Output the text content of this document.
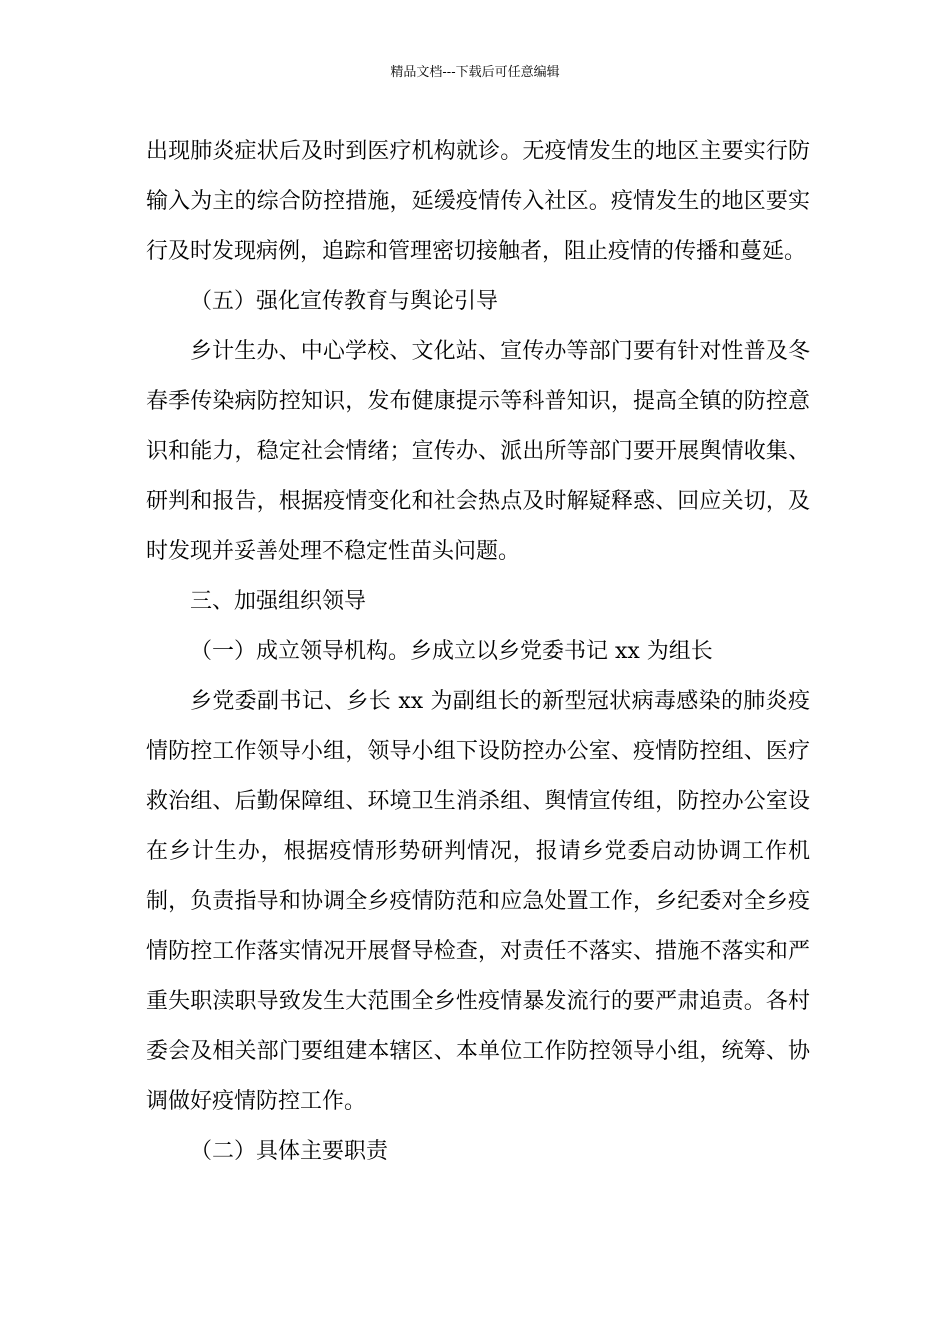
精品文档---下载后可任意编辑

出现肺炎症状后及时到医疗机构就诊。无疫情发生的地区主要实行防输入为主的综合防控措施，延缓疫情传入社区。疫情发生的地区要实行及时发现病例，追踪和管理密切接触者，阻止疫情的传播和蔓延。

（五）强化宣传教育与舆论引导

乡计生办、中心学校、文化站、宣传办等部门要有针对性普及冬春季传染病防控知识，发布健康提示等科普知识，提高全镇的防控意识和能力，稳定社会情绪；宣传办、派出所等部门要开展舆情收集、研判和报告，根据疫情变化和社会热点及时解疑释惑、回应关切，及时发现并妥善处理不稳定性苗头问题。

三、加强组织领导

（一）成立领导机构。乡成立以乡党委书记 xx 为组长

乡党委副书记、乡长 xx 为副组长的新型冠状病毒感染的肺炎疫情防控工作领导小组，领导小组下设防控办公室、疫情防控组、医疗救治组、后勤保障组、环境卫生消杀组、舆情宣传组，防控办公室设在乡计生办，根据疫情形势研判情况，报请乡党委启动协调工作机制，负责指导和协调全乡疫情防范和应急处置工作，乡纪委对全乡疫情防控工作落实情况开展督导检查，对责任不落实、措施不落实和严重失职渎职导致发生大范围全乡性疫情暴发流行的要严肃追责。各村委会及相关部门要组建本辖区、本单位工作防控领导小组，统筹、协调做好疫情防控工作。

（二）具体主要职责
